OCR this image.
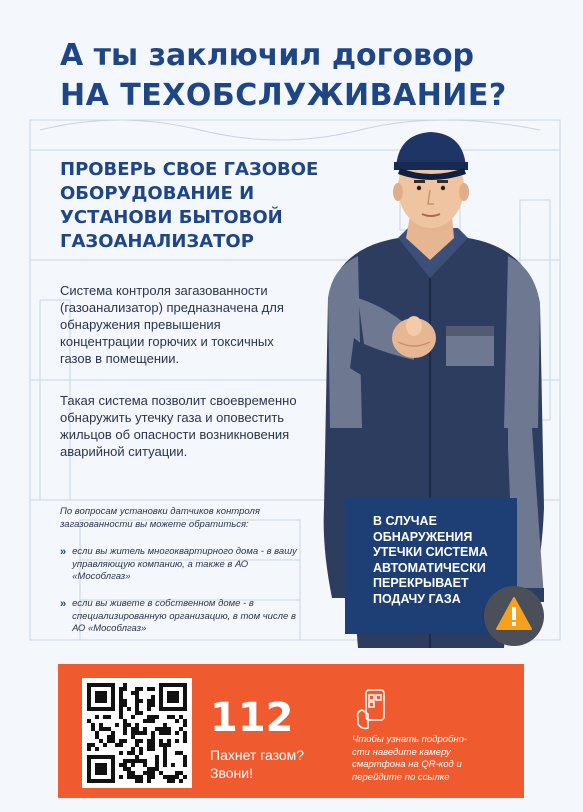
А ты заключил договор
НА ТЕХОБСЛУЖИВАНИЕ?
ПРОВЕРЬ СВОЕ ГАЗОВОЕ ОБОРУДОВАНИЕ И УСТАНОВИ БЫТОВОЙ ГАЗОАНАЛИЗАТОР

Система контроля загазованности (газоанализатор) предназначена для обнаружения превышения концентрации горючих и токсичных газов в помещении.

Такая система позволит своевременно обнаружить утечку газа и оповестить жильцов об опасности возникновения аварийной ситуации.

По вопросам установки датчиков контроля загазованности вы можете обратиться:

» если вы житель многоквартирного дома - в вашу управляющую компанию, а также в АО «Мособлгаз»
» если вы живете в собственном доме - в специализированную организацию, в том числе в АО «Мособлгаз»

В СЛУЧАЕ ОБНАРУЖЕНИЯ УТЕЧКИ СИСТЕМА АВТОМАТИЧЕСКИ ПЕРЕКРЫВАЕТ ПОДАЧУ ГАЗА

112
Пахнет газом? Звони!
Чтобы узнать подробно-сти наведите камеру смартфона на QR-код и перейдите по ссылке
